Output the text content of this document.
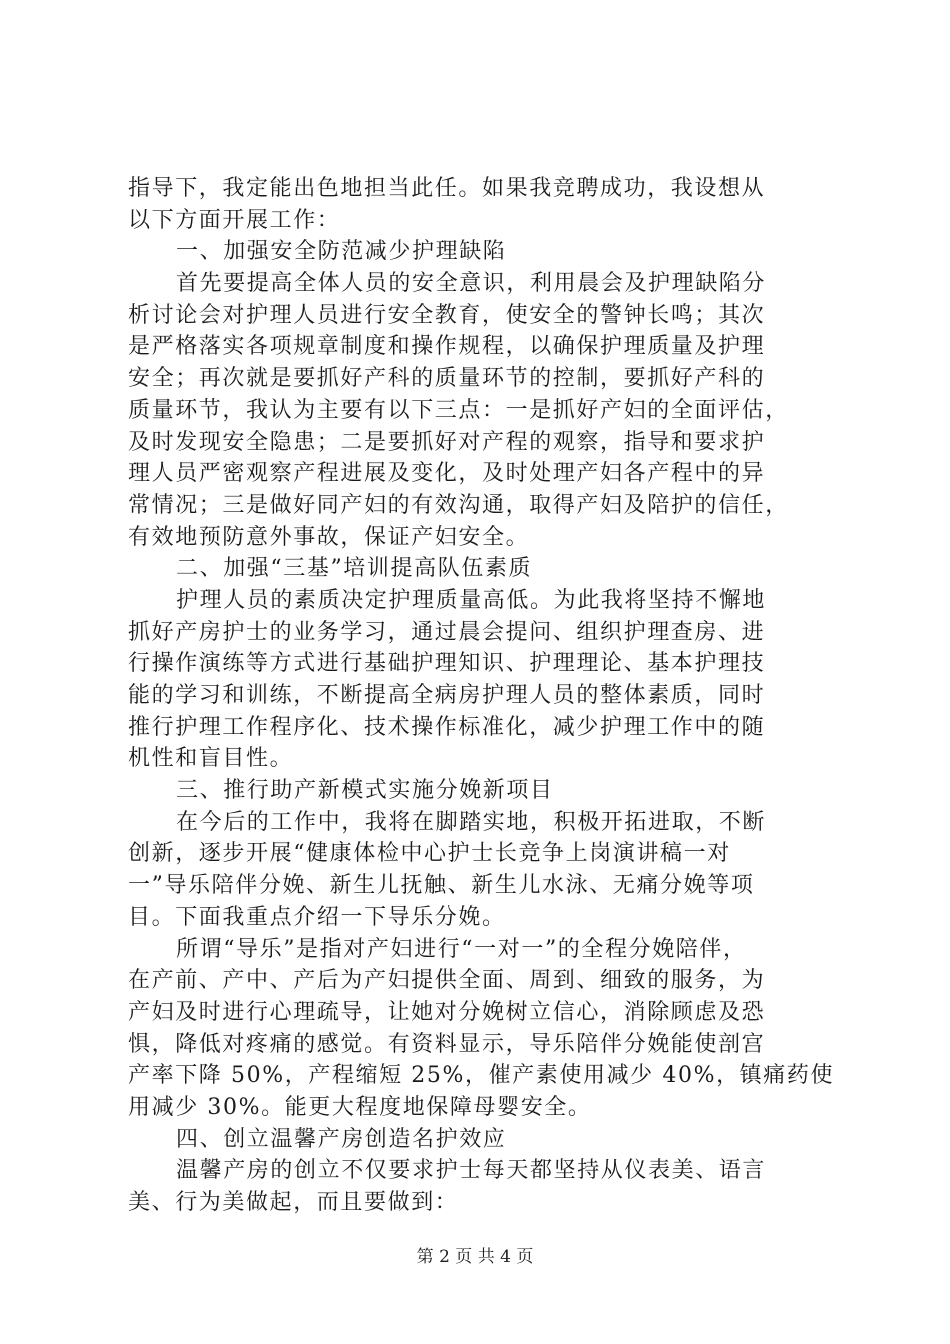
指导下，我定能出色地担当此任。如果我竞聘成功，我设想从
以下方面开展工作：
一、加强安全防范减少护理缺陷
首先要提高全体人员的安全意识，利用晨会及护理缺陷分
析讨论会对护理人员进行安全教育，使安全的警钟长鸣；其次
是严格落实各项规章制度和操作规程，以确保护理质量及护理
安全；再次就是要抓好产科的质量环节的控制，要抓好产科的
质量环节，我认为主要有以下三点：一是抓好产妇的全面评估，
及时发现安全隐患；二是要抓好对产程的观察，指导和要求护
理人员严密观察产程进展及变化，及时处理产妇各产程中的异
常情况；三是做好同产妇的有效沟通，取得产妇及陪护的信任，
有效地预防意外事故，保证产妇安全。
二、加强“三基”培训提高队伍素质
护理人员的素质决定护理质量高低。为此我将坚持不懈地
抓好产房护士的业务学习，通过晨会提问、组织护理查房、进
行操作演练等方式进行基础护理知识、护理理论、基本护理技
能的学习和训练，不断提高全病房护理人员的整体素质，同时
推行护理工作程序化、技术操作标准化，减少护理工作中的随
机性和盲目性。
三、推行助产新模式实施分娩新项目
在今后的工作中，我将在脚踏实地，积极开拓进取，不断
创新，逐步开展“健康体检中心护士长竞争上岗演讲稿一对
一”导乐陪伴分娩、新生儿抚触、新生儿水泳、无痛分娩等项
目。下面我重点介绍一下导乐分娩。
所谓“导乐”是指对产妇进行“一对一”的全程分娩陪伴，
在产前、产中、产后为产妇提供全面、周到、细致的服务，为
产妇及时进行心理疏导，让她对分娩树立信心，消除顾虑及恐
惧，降低对疼痛的感觉。有资料显示，导乐陪伴分娩能使剖宫
产率下降 50%，产程缩短 25%，催产素使用减少 40%，镇痛药使
用减少 30%。能更大程度地保障母婴安全。
四、创立温馨产房创造名护效应
温馨产房的创立不仅要求护士每天都坚持从仪表美、语言
美、行为美做起，而且要做到：
第 2 页 共 4 页
